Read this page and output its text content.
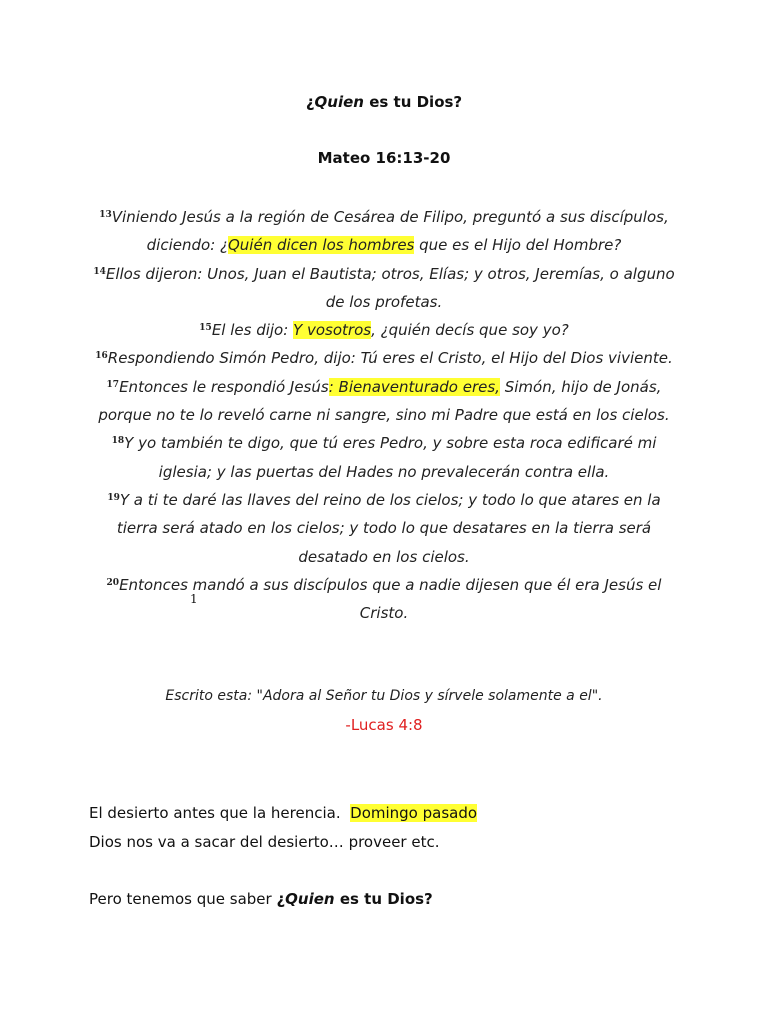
¿Quien es tu Dios?
Mateo 16:13-20

$^{13}$Viniendo Jesús a la región de Cesárea de Filipo, preguntó a sus discípulos, diciendo: ¿Quién dicen los hombres que es el Hijo del Hombre?

$^{14}$Ellos dijeron: Unos, Juan el Bautista; otros, Elías; y otros, Jeremías, o alguno de los profetas.

$^{15}$El les dijo: Y vosotros, ¿quién decís que soy yo?

$^{16}$Respondiendo Simón Pedro, dijo: Tú eres el Cristo, el Hijo del Dios viviente.

$^{17}$Entonces le respondió Jesús: Bienaventurado eres, Simón, hijo de Jonás, porque no te lo reveló carne ni sangre, sino mi Padre que está en los cielos.

$^{18}$Y yo también te digo, que tú eres Pedro, y sobre esta roca edificaré mi iglesia; y las puertas del Hades no prevalecerán contra ella.

$^{19}$Y a ti te daré las llaves del reino de los cielos; y todo lo que atares en la tierra será atado en los cielos; y todo lo que desatares en la tierra será desatado en los cielos.

$^{20}$Entonces mandó a sus discípulos que a nadie dijesen que él era Jesús el Cristo.

1
Escrito esta: "Adora al Señor tu Dios y sírvele solamente a el".
-Lucas 4:8

El desierto antes que la herencia.  Domingo pasado

Dios nos va a sacar del desierto… proveer etc.

Pero tenemos que saber ¿Quien es tu Dios?
